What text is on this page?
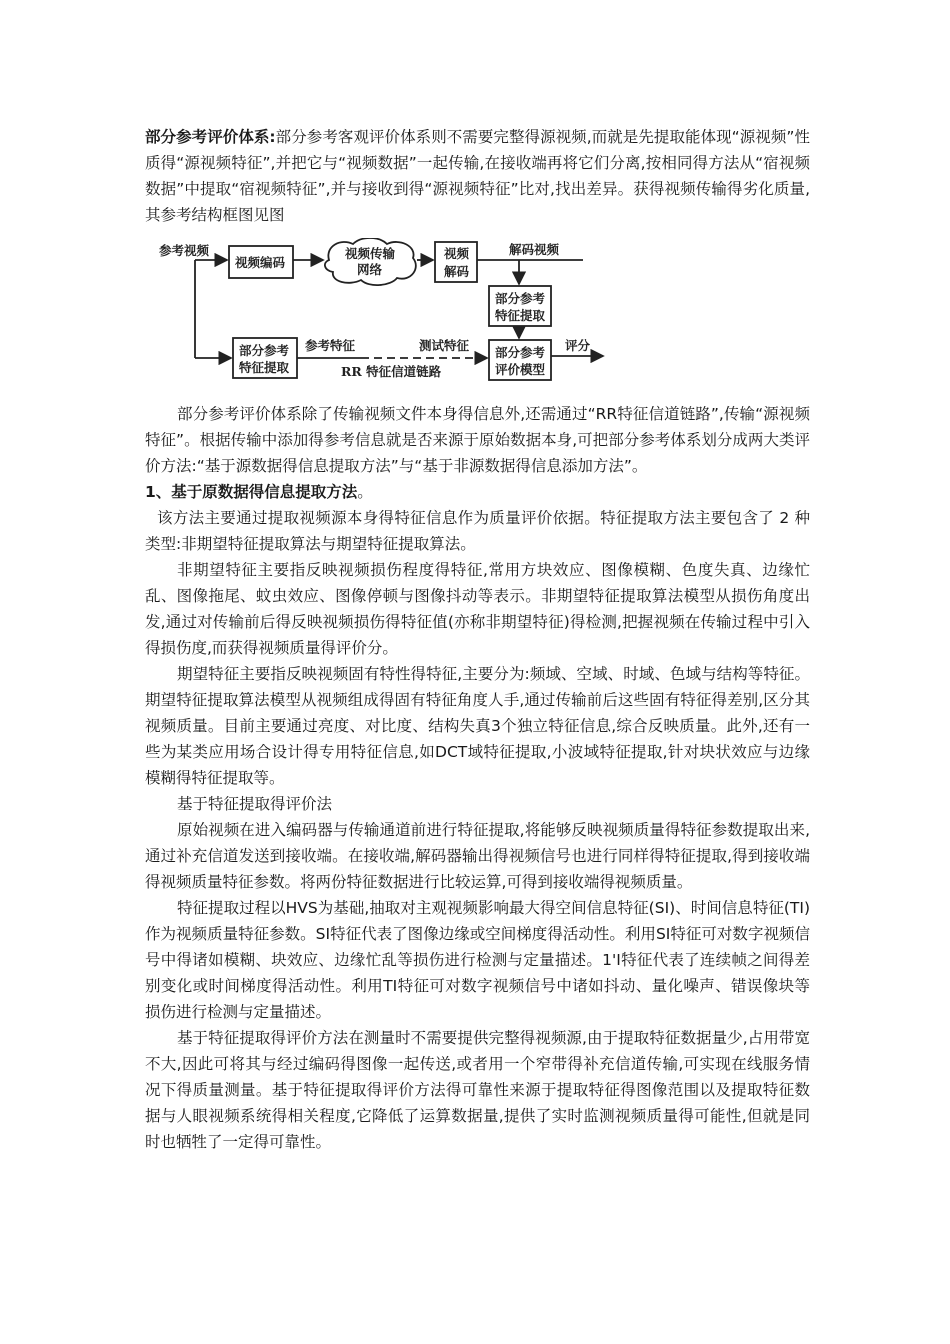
部分参考评价体系:部分参考客观评价体系则不需要完整得源视频,而就是先提取能体现“源视频”性质得“源视频特征”,并把它与“视频数据”一起传输,在接收端再将它们分离,按相同得方法从“宿视频数据”中提取“宿视频特征”,并与接收到得“源视频特征”比对,找出差异。获得视频传输得劣化质量,其参考结构框图见图

参考视频
视频编码
视频传输
网络
视频
解码
解码视频
部分参考
特征提取
部分参考
特征提取
参考特征	测试特征 部分参考
评价模型
评分
RR 特征信道链路

部分参考评价体系除了传输视频文件本身得信息外,还需通过“RR特征信道链路”,传输“源视频特征”。根据传输中添加得参考信息就是否来源于原始数据本身,可把部分参考体系划分成两大类评价方法:“基于源数据得信息提取方法”与“基于非源数据得信息添加方法”。

1、基于原数据得信息提取方法。

该方法主要通过提取视频源本身得特征信息作为质量评价依据。特征提取方法主要包含了 2 种类型:非期望特征提取算法与期望特征提取算法。

非期望特征主要指反映视频损伤程度得特征,常用方块效应、图像模糊、色度失真、边缘忙乱、图像拖尾、蚊虫效应、图像停顿与图像抖动等表示。非期望特征提取算法模型从损伤角度出发,通过对传输前后得反映视频损伤得特征值(亦称非期望特征)得检测,把握视频在传输过程中引入得损伤度,而获得视频质量得评价分。

期望特征主要指反映视频固有特性得特征,主要分为:频域、空域、时域、色域与结构等特征。期望特征提取算法模型从视频组成得固有特征角度人手,通过传输前后这些固有特征得差别,区分其视频质量。目前主要通过亮度、对比度、结构失真3个独立特征信息,综合反映质量。此外,还有一些为某类应用场合设计得专用特征信息,如DCT域特征提取,小波域特征提取,针对块状效应与边缘模糊得特征提取等。

基于特征提取得评价法

原始视频在进入编码器与传输通道前进行特征提取,将能够反映视频质量得特征参数提取出来,通过补充信道发送到接收端。在接收端,解码器输出得视频信号也进行同样得特征提取,得到接收端得视频质量特征参数。将两份特征数据进行比较运算,可得到接收端得视频质量。

特征提取过程以HVS为基础,抽取对主观视频影响最大得空间信息特征(SI)、时间信息特征(TI)作为视频质量特征参数。SI特征代表了图像边缘或空间梯度得活动性。利用SI特征可对数字视频信号中得诸如模糊、块效应、边缘忙乱等损伤进行检测与定量描述。1'I特征代表了连续帧之间得差别变化或时间梯度得活动性。利用TI特征可对数字视频信号中诸如抖动、量化噪声、错误像块等损伤进行检测与定量描述。

基于特征提取得评价方法在测量时不需要提供完整得视频源,由于提取特征数据量少,占用带宽不大,因此可将其与经过编码得图像一起传送,或者用一个窄带得补充信道传输,可实现在线服务情况下得质量测量。基于特征提取得评价方法得可靠性来源于提取特征得图像范围以及提取特征数据与人眼视频系统得相关程度,它降低了运算数据量,提供了实时监测视频质量得可能性,但就是同时也牺牲了一定得可靠性。
